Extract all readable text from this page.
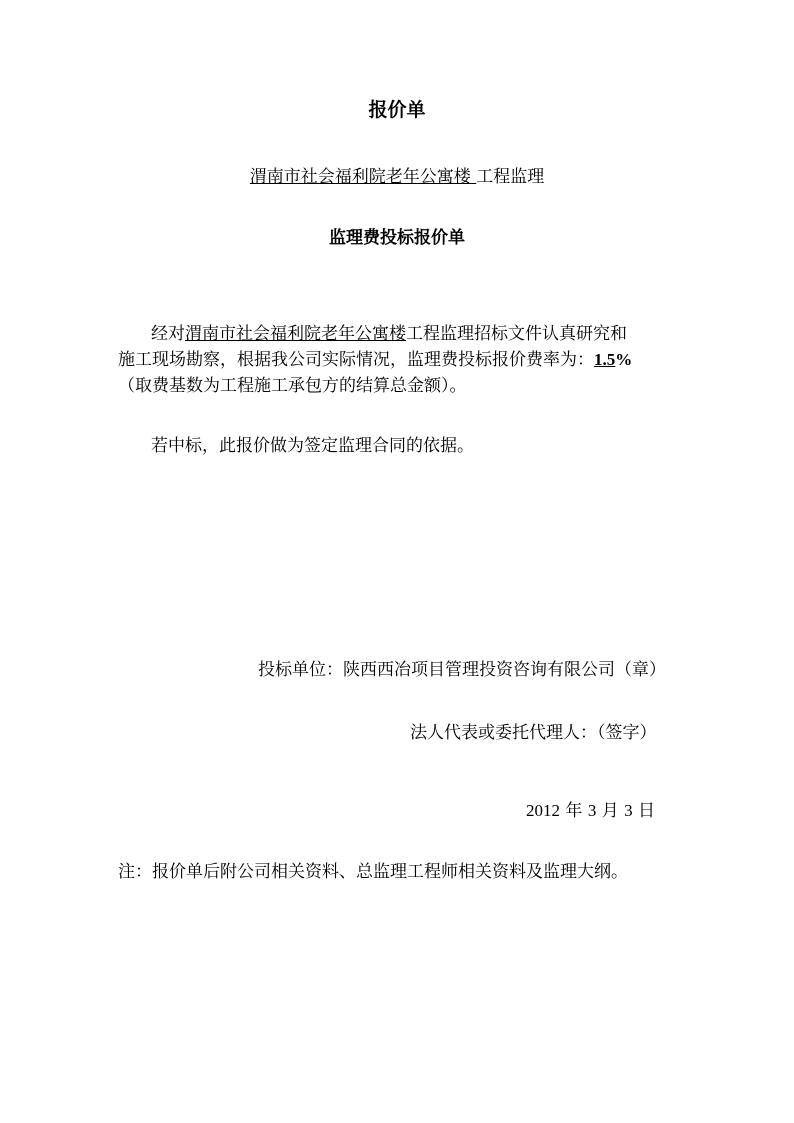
报价单
渭南市社会福利院老年公寓楼 工程监理
监理费投标报价单
经对渭南市社会福利院老年公寓楼工程监理招标文件认真研究和
施工现场勘察，根据我公司实际情况，监理费投标报价费率为：1.5%
（取费基数为工程施工承包方的结算总金额）。
若中标，此报价做为签定监理合同的依据。
投标单位：陕西西冶项目管理投资咨询有限公司（章）
法人代表或委托代理人：（签字）
2012 年 3 月 3 日
注：报价单后附公司相关资料、总监理工程师相关资料及监理大纲。
